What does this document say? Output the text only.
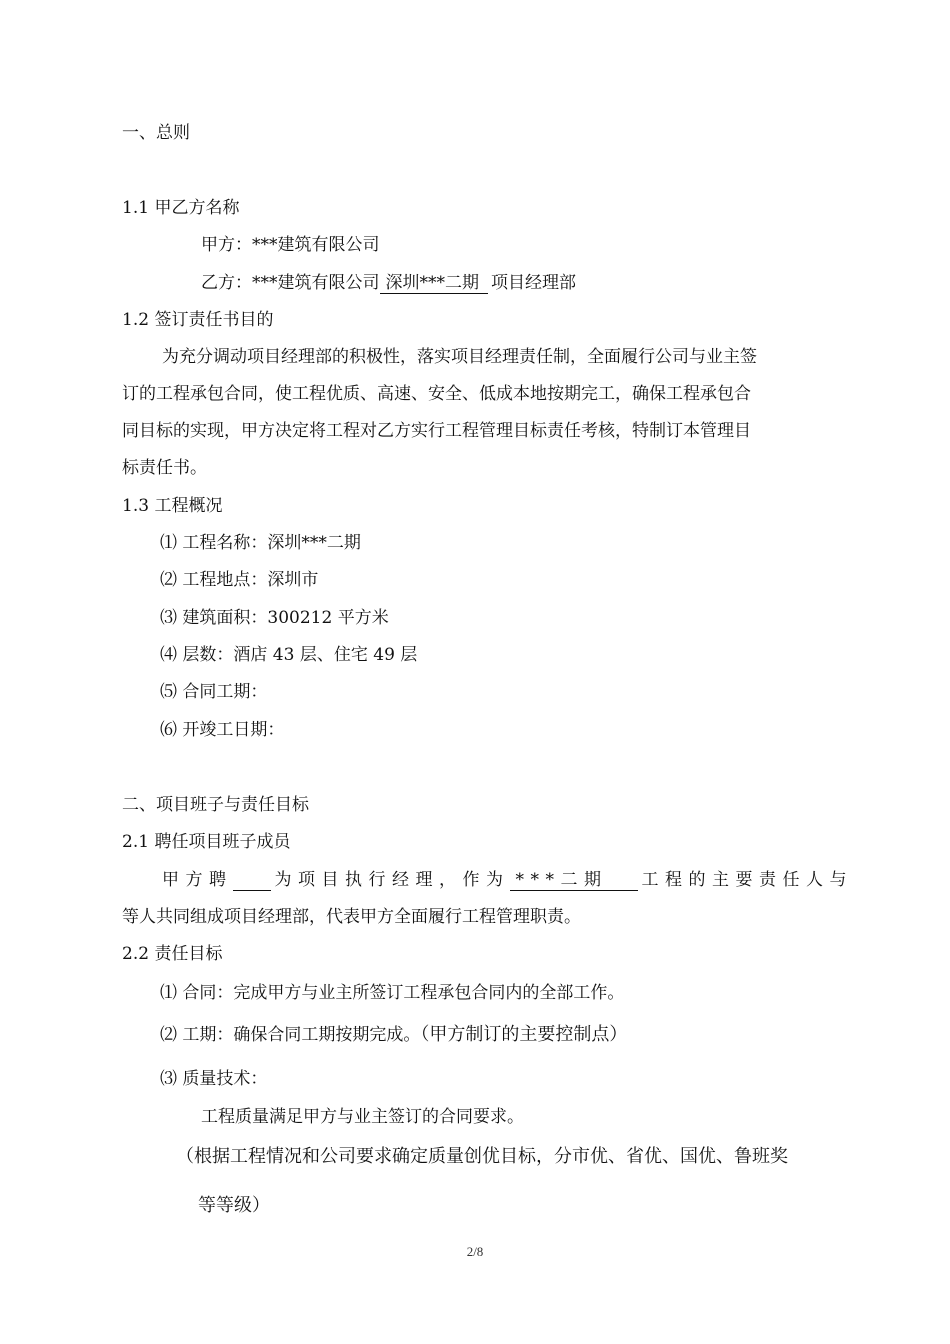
一、总则
1.1 甲乙方名称
甲方：***建筑有限公司
乙方：***建筑有限公司 深圳***二期 项目经理部
1.2 签订责任书目的
为充分调动项目经理部的积极性，落实项目经理责任制，全面履行公司与业主签
订的工程承包合同，使工程优质、高速、安全、低成本地按期完工，确保工程承包合
同目标的实现，甲方决定将工程对乙方实行工程管理目标责任考核，特制订本管理目
标责任书。
1.3 工程概况
⑴ 工程名称：深圳***二期
⑵ 工程地点：深圳市
⑶ 建筑面积：300212 平方米
⑷ 层数：酒店 43 层、住宅 49 层
⑸ 合同工期：
⑹ 开竣工日期：
二、项目班子与责任目标
2.1 聘任项目班子成员
甲方聘 为项目执行经理，作为 ***二期 工程的主要责任人与
等人共同组成项目经理部，代表甲方全面履行工程管理职责。
2.2 责任目标
⑴ 合同：完成甲方与业主所签订工程承包合同内的全部工作。
⑵ 工期：确保合同工期按期完成。（甲方制订的主要控制点）
⑶ 质量技术：
工程质量满足甲方与业主签订的合同要求。
（根据工程情况和公司要求确定质量创优目标，分市优、省优、国优、鲁班奖
等等级）
2/8
